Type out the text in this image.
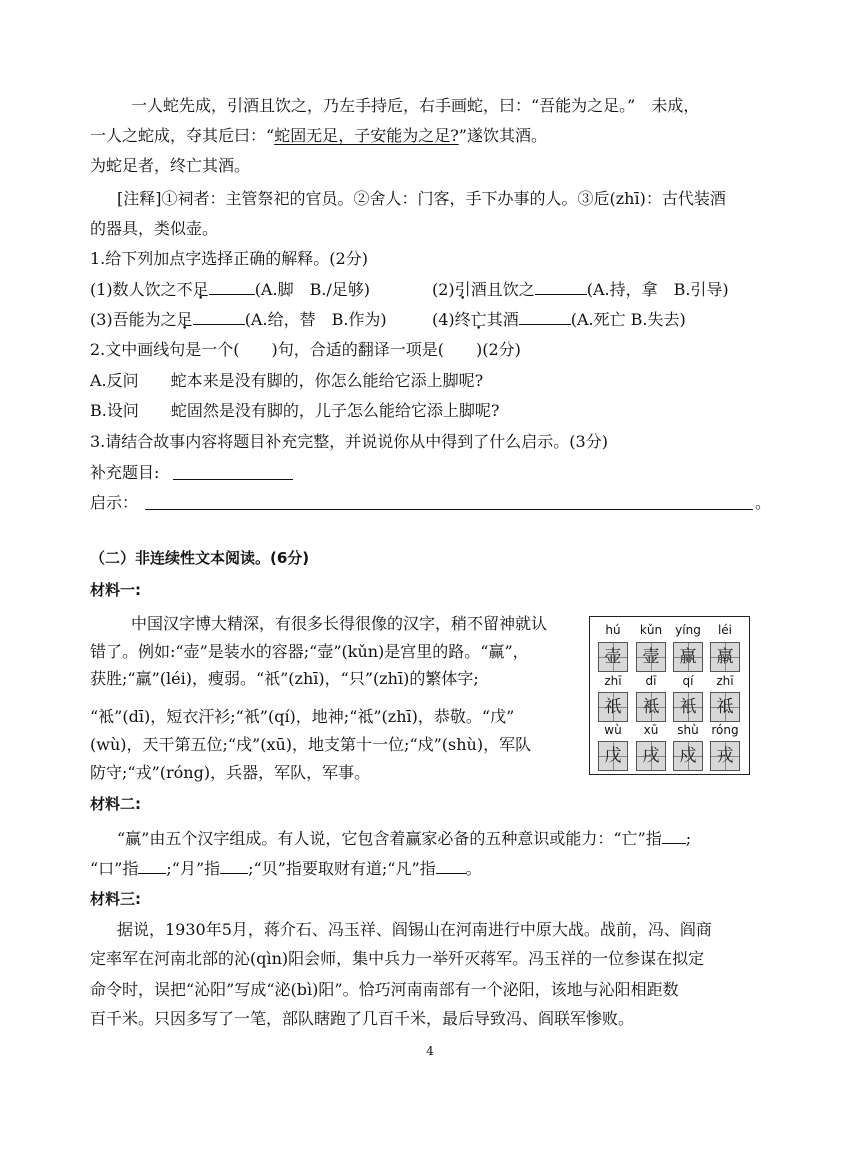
一人蛇先成，引酒且饮之，乃左手持卮，右手画蛇，曰：“吾能为之足。”　未成，
一人之蛇成，夺其卮曰：“蛇固无足，子安能为之足?”遂饮其酒。
为蛇足者，终亡其酒。
[注释]①祠者：主管祭祀的官员。②舍人：门客，手下办事的人。③卮(zhī)：古代装酒
的器具，类似壶。
1.给下列加点字选择正确的解释。(2分)
(1)数人饮之不足	(A.脚　B./足够)	(2)引酒且饮之	(A.持，拿　B.引导)
(3)吾能为之足	(A.给，替　B.作为)	(4)终亡其酒	(A.死亡 B.失去)
2.文中画线句是一个(　　)句，合适的翻译一项是(　　)(2分)
A.反问　　蛇本来是没有脚的，你怎么能给它添上脚呢?
B.设问　　蛇固然是没有脚的，儿子怎么能给它添上脚呢?
3.请结合故事内容将题目补充完整，并说说你从中得到了什么启示。(3分)
补充题目:
启示：	。
（二）非连续性文本阅读。(6分)
材料一:
中国汉字博大精深，有很多长得很像的汉字，稍不留神就认
错了。例如:“壶”是装水的容器;“壸”(kǔn)是宫里的路。“赢”，
获胜;“羸”(léi)，瘦弱。“祇”(zhī)，“只”(zhī)的繁体字;
“袛”(dī)，短衣汗衫;“衹”(qí)，地神;“祗”(zhī)，恭敬。“戊”
(wù)，天干第五位;“戌”(xū)，地支第十一位;“戍”(shù)，军队
防守;“戎”(róng)，兵器，军队，军事。
hú	kǔn	yíng	léi
壶	壸	赢	羸
zhī	dī	qí	zhī
祇	袛	衹	祗
wù	xū	shù	róng
戊	戌	戍	戎
材料二:
“赢”由五个汉字组成。有人说，它包含着赢家必备的五种意识或能力：“亡”指 ;
“口”指 ;“月”指 ;“贝”指要取财有道;“凡”指 。
材料三:
据说，1930年5月，蒋介石、冯玉祥、阎锡山在河南进行中原大战。战前，冯、阎商
定率军在河南北部的沁(qìn)阳会师，集中兵力一举歼灭蒋军。冯玉祥的一位参谋在拟定
命令时，误把“沁阳”写成“泌(bì)阳”。恰巧河南南部有一个泌阳，该地与沁阳相距数
百千米。只因多写了一笔，部队瞎跑了几百千米，最后导致冯、阎联军惨败。
4
